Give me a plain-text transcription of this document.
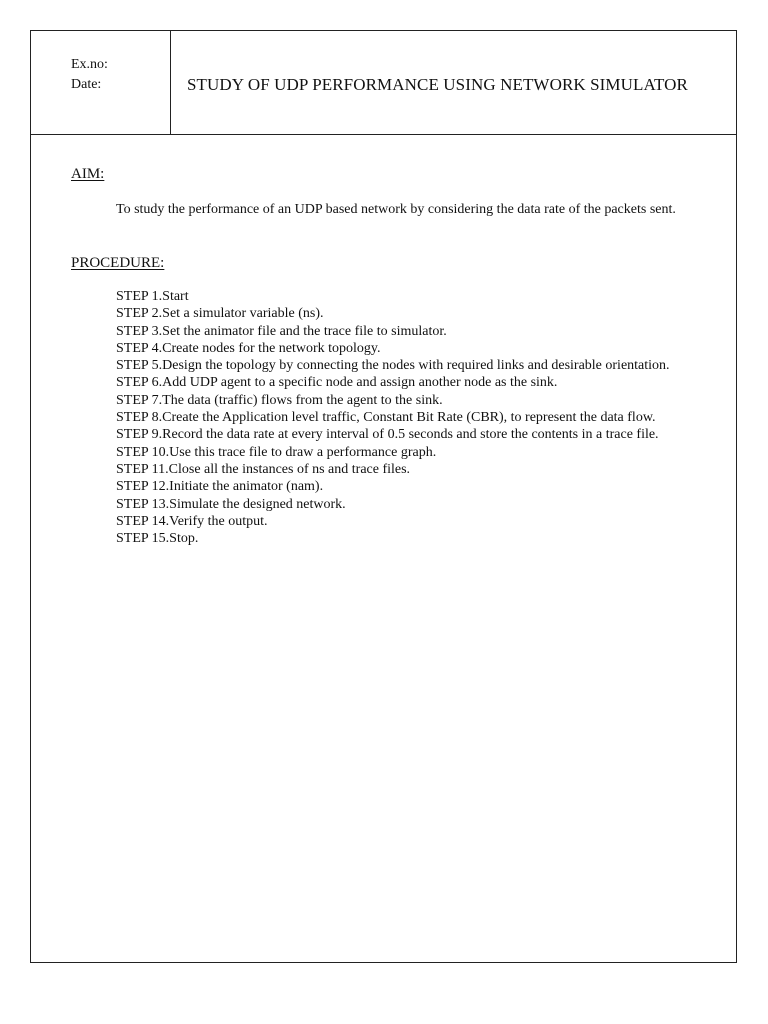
Ex.no:
Date:	STUDY OF UDP PERFORMANCE USING NETWORK SIMULATOR
AIM:
To study the performance of an UDP based network by considering the data rate of the packets sent.
PROCEDURE:
STEP 1.Start
STEP 2.Set a simulator variable (ns).
STEP 3.Set the animator file and the trace file to simulator.
STEP 4.Create nodes for the network topology.
STEP 5.Design the topology by connecting the nodes with required links and desirable orientation.
STEP 6.Add UDP agent to a specific node and assign another node as the sink.
STEP 7.The data (traffic) flows from the agent to the sink.
STEP 8.Create the Application level traffic, Constant Bit Rate (CBR), to represent the data flow.
STEP 9.Record the data rate at every interval of 0.5 seconds and store the contents in a trace file.
STEP 10.Use this trace file to draw a performance graph.
STEP 11.Close all the instances of ns and trace files.
STEP 12.Initiate the animator (nam).
STEP 13.Simulate the designed network.
STEP 14.Verify the output.
STEP 15.Stop.
